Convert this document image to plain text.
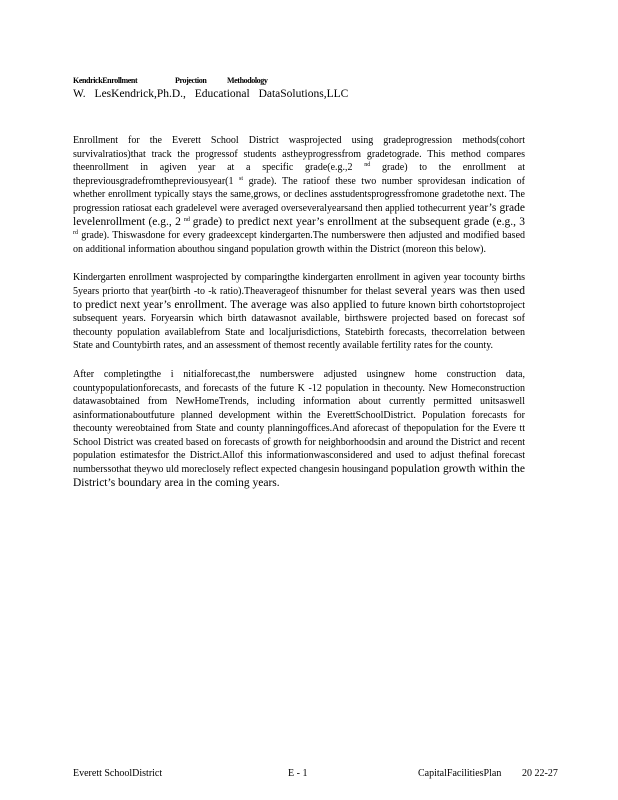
KendrickEnrollment	Projection	Methodology
W. LesKendrick,Ph.D., Educational DataSolutions,LLC

Enrollment for the Everett School District wasprojected using gradeprogression methods(cohort survivalratios)that track the progressof students astheyprogressfrom gradetograde. This method compares theenrollment in agiven year at a specific grade(e.g.,2 $^{nd}$ grade) to the enrollment at thepreviousgradefromthepreviousyear(1 $^{st}$ grade). The ratioof these two number sprovidesan indication of whether enrollment typically stays the same,grows, or declines asstudentsprogressfromone gradetothe next. The progression ratiosat each gradelevel were averaged overseveralyearsand then applied tothecurrent year’s grade levelenrollment (e.g., 2 $^{nd}$ grade) to predict next year’s enrollment at the subsequent grade (e.g., 3 $^{rd}$ grade). Thiswasdone for every gradeexcept kindergarten.The numberswere then adjusted and modified based on additional information abouthou singand population growth within the District (moreon this below).

Kindergarten enrollment wasprojected by comparingthe kindergarten enrollment in agiven year tocounty births 5years priorto that year(birth -to -k ratio).Theaverageof thisnumber for thelast several years was then used to predict next year’s enrollment. The average was also applied to future known birth cohortstoproject subsequent years. Foryearsin which birth datawasnot available, birthswere projected based on forecast sof thecounty population availablefrom State and localjurisdictions, Statebirth forecasts, thecorrelation between State and Countybirth rates, and an assessment of themost recently available fertility rates for the county.

After completingthe i nitialforecast,the numberswere adjusted usingnew home construction data, countypopulationforecasts, and forecasts of the future K -12 population in thecounty. New Homeconstruction datawasobtained from NewHomeTrends, including information about currently permitted unitsaswell asinformationaboutfuture planned development within the EverettSchoolDistrict. Population forecasts for thecounty wereobtained from State and county planningoffices.And aforecast of thepopulation for the Evere tt School District was created based on forecasts of growth for neighborhoodsin and around the District and recent population estimatesfor the District.Allof this informationwasconsidered and used to adjust thefinal forecast numberssothat theywo uld moreclosely reflect expected changesin housingand population growth within the District’s boundary area in the coming years.

Everett SchoolDistrict	E - 1	CapitalFacilitiesPlan 20 22-27
